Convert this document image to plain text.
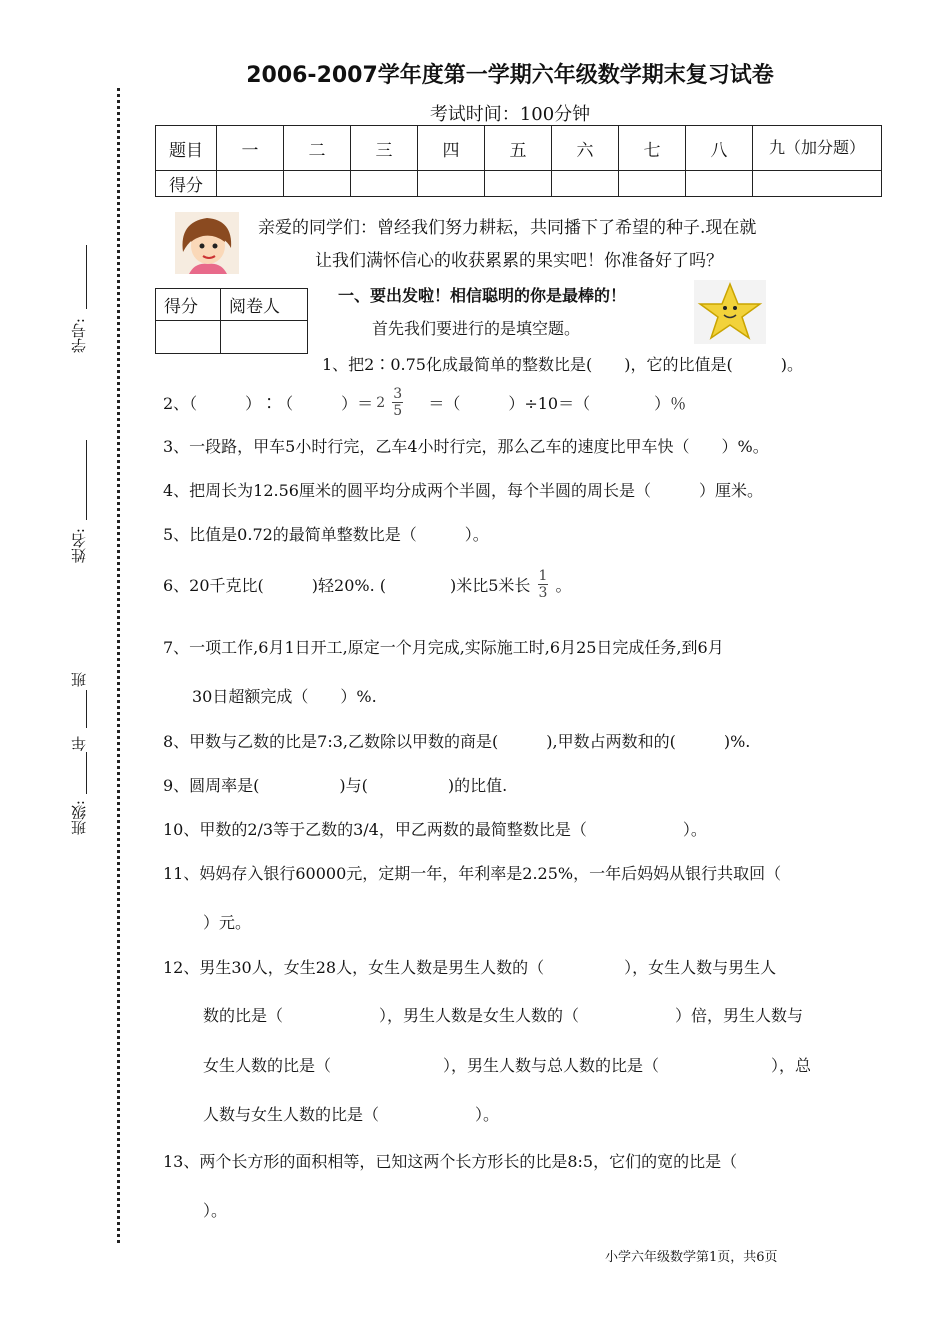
学号:
姓名:
班
年
班级:
2006-2007学年度第一学期六年级数学期末复习试卷
考试时间：100分钟
题目	一	二	三	四	五	六	七	八	九（加分题）
得分									
亲爱的同学们：曾经我们努力耕耘，共同播下了希望的种子.现在就
让我们满怀信心的收获累累的果实吧！你准备好了吗？
得分	阅卷人

一、要出发啦！相信聪明的你是最棒的！
首先我们要进行的是填空题。
1、把2∶0.75化成最简单的整数比是(　　)，它的比值是(　　　)。
2、（　　　）∶（　　　）＝ $2 \frac{3}{5}$ ＝（　　　）÷10＝（　　　　）％
3、一段路，甲车5小时行完，乙车4小时行完，那么乙车的速度比甲车快（　　）%。
4、把周长为12.56厘米的圆平均分成两个半圆，每个半圆的周长是（　　　）厘米。
5、比值是0.72的最简单整数比是（　　　）。
6、20千克比(　　　)轻20%. (　　　　)米比5米长 $\frac{1}{3}$ 。
7、一项工作,6月1日开工,原定一个月完成,实际施工时,6月25日完成任务,到6月
30日超额完成（　　）%.
8、甲数与乙数的比是7:3,乙数除以甲数的商是(　　　),甲数占两数和的(　　　)%.
9、圆周率是(　　　　　)与(　　　　　)的比值.
10、甲数的2/3等于乙数的3/4，甲乙两数的最简整数比是（　　　　　　）。
11、妈妈存入银行60000元，定期一年，年利率是2.25%，一年后妈妈从银行共取回（
）元。
12、男生30人，女生28人，女生人数是男生人数的（　　　　　），女生人数与男生人
数的比是（　　　　　　），男生人数是女生人数的（　　　　　　）倍，男生人数与
女生人数的比是（　　　　　　　），男生人数与总人数的比是（　　　　　　　），总
人数与女生人数的比是（　　　　　　）。
13、两个长方形的面积相等，已知这两个长方形长的比是8:5，它们的宽的比是（
）。
小学六年级数学第1页，共6页
